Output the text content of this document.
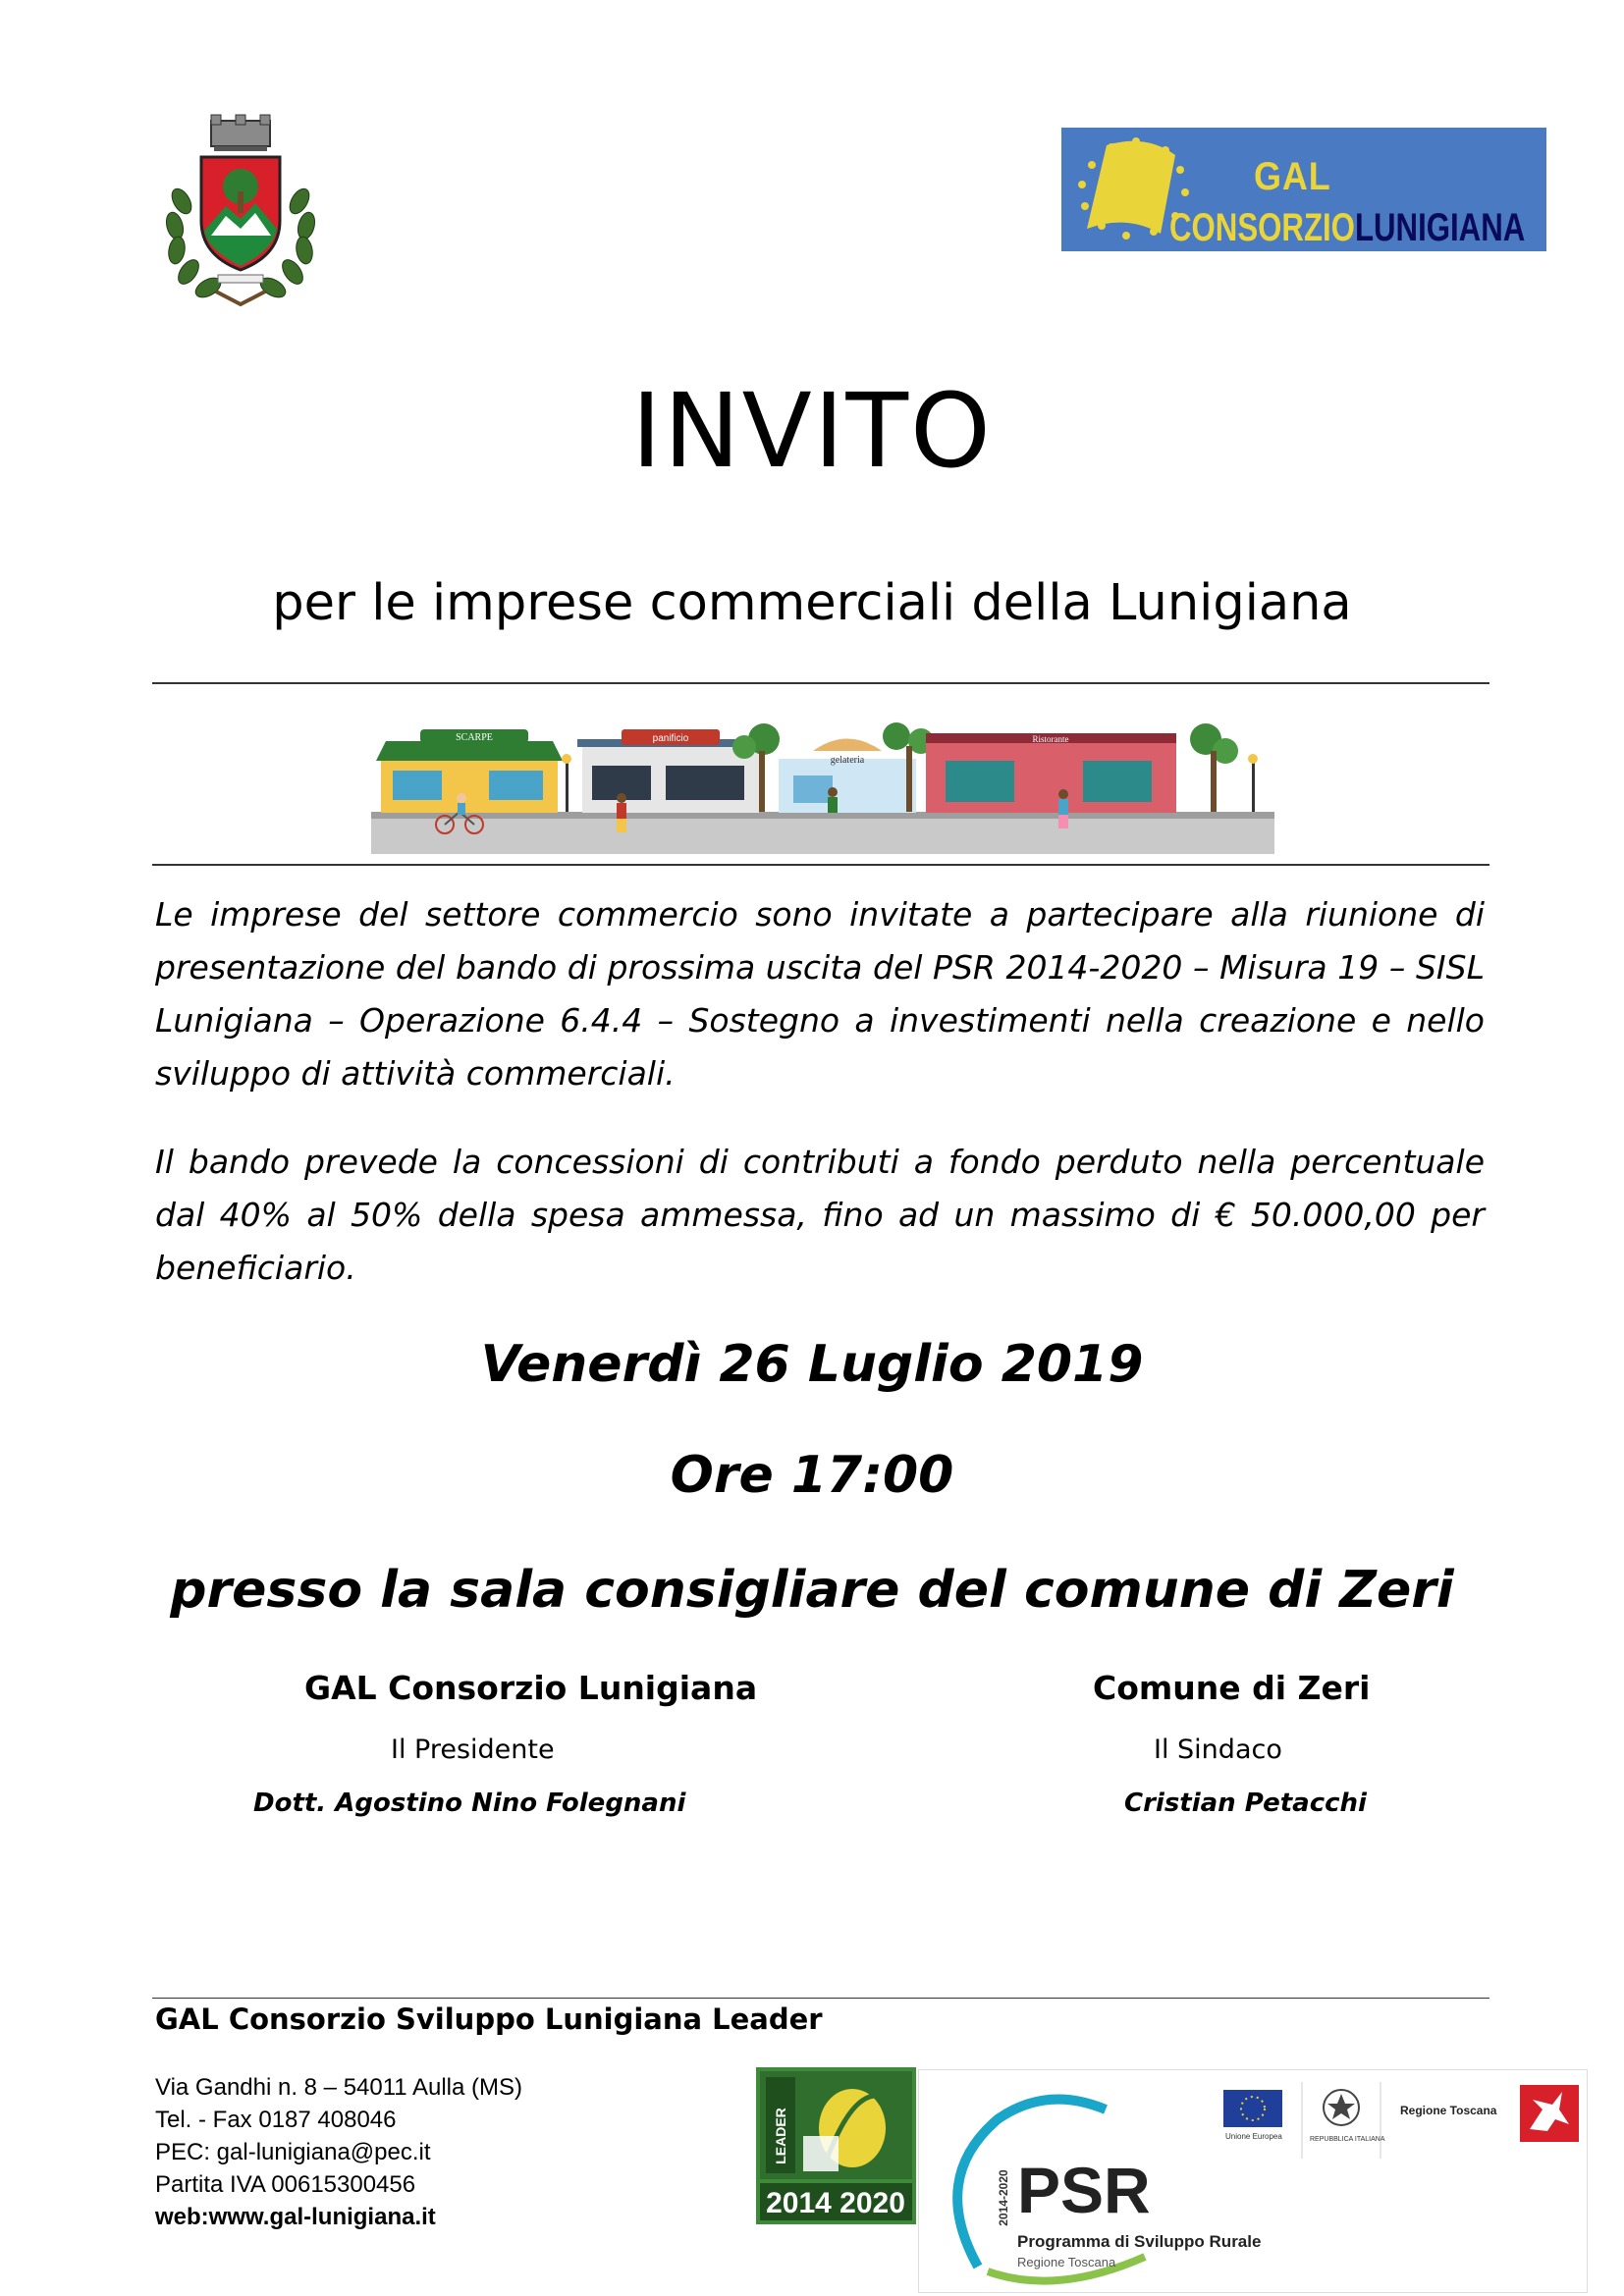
GAL
CONSORZIOLUNIGIANA
INVITO
per le imprese commerciali della Lunigiana
SCARPE	panificio
gelateria
Ristorante
Le imprese del settore commercio sono invitate a partecipare alla riunione di presentazione del bando di prossima uscita del PSR 2014-2020 – Misura 19 – SISL Lunigiana – Operazione 6.4.4 – Sostegno a investimenti nella creazione e nello sviluppo di attività commerciali.
Il bando prevede la concessioni di contributi a fondo perduto nella percentuale dal 40% al 50% della spesa ammessa, fino ad un massimo di € 50.000,00 per beneficiario.
Venerdì 26 Luglio 2019
Ore 17:00
presso la sala consigliare del comune di Zeri
GAL Consorzio Lunigiana
Il Presidente
Dott. Agostino Nino Folegnani
Comune di Zeri
Il Sindaco
Cristian Petacchi
GAL Consorzio Sviluppo Lunigiana Leader
Via Gandhi n. 8 – 54011 Aulla (MS)
Tel. - Fax 0187 408046
PEC: gal-lunigiana@pec.it
Partita IVA 00615300456
web:www.gal-lunigiana.it
LEADER
2014 2020	2014-2020 PSR
Programma di Sviluppo Rurale
Regione Toscana
Unione Europea	REPUBBLICA ITALIANA
Regione Toscana
